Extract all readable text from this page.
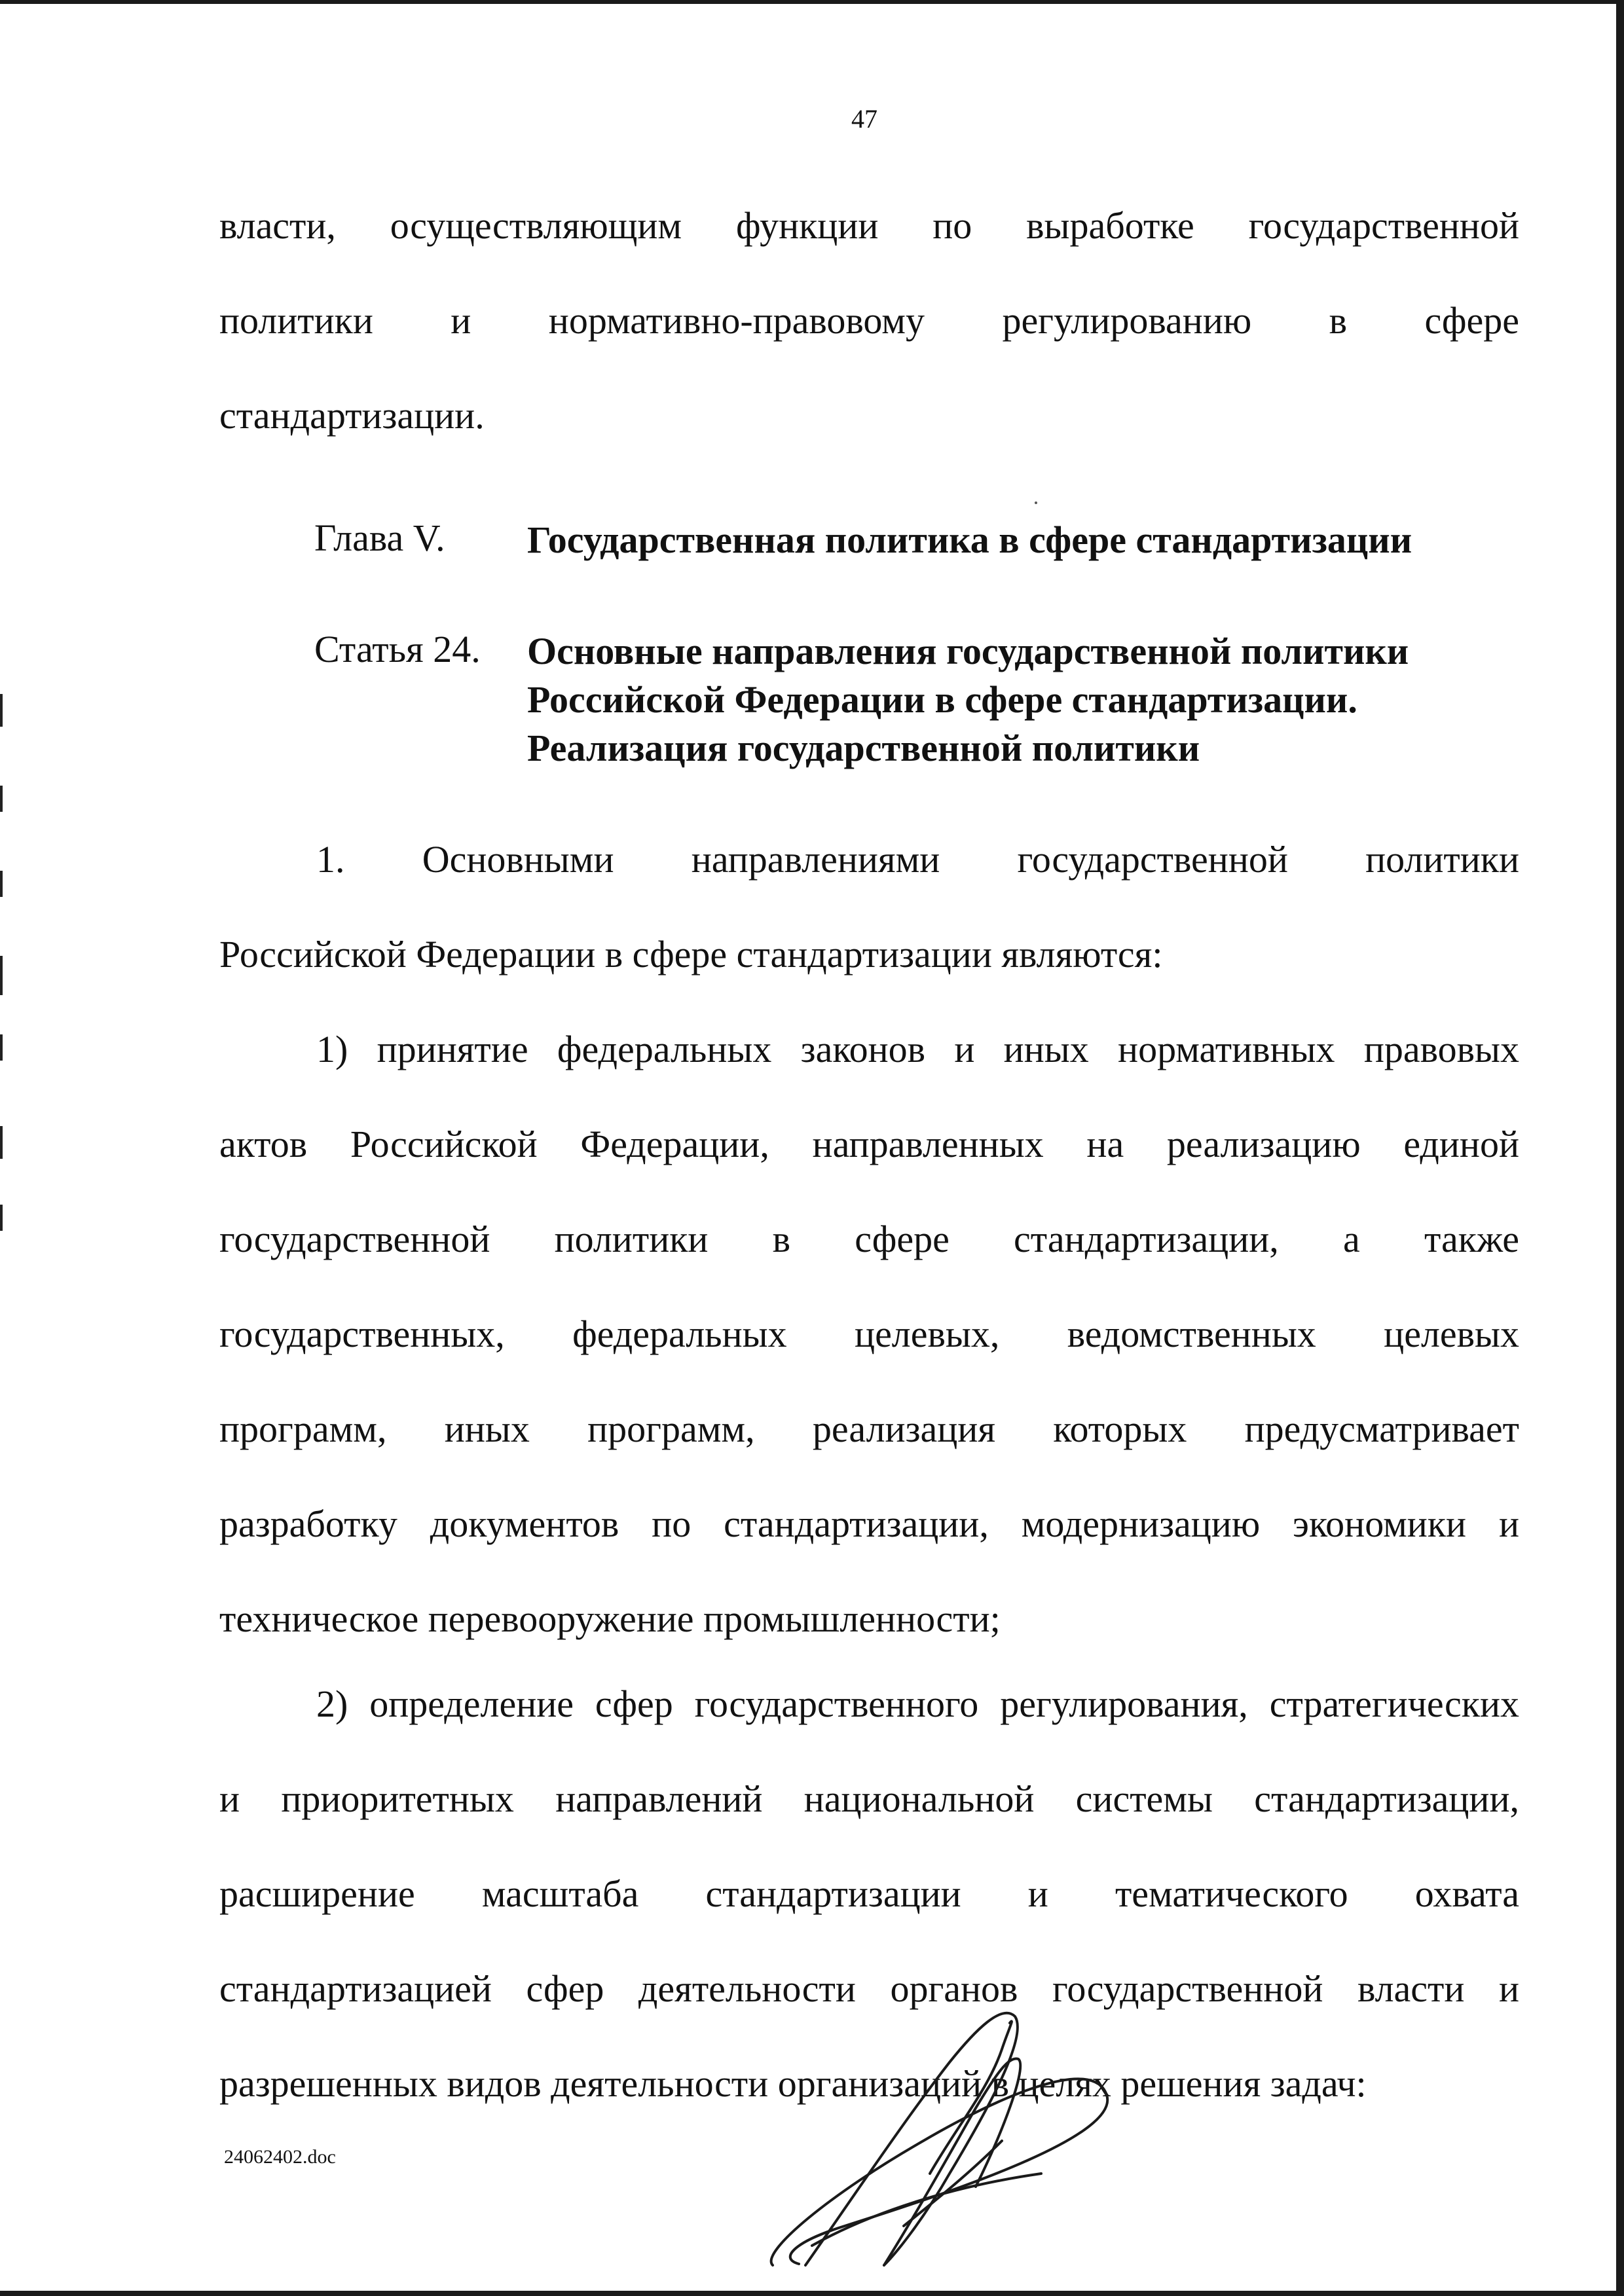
47
власти, осуществляющим функции по выработке государственной
политики и нормативно-правовому регулированию в сфере
стандартизации.
Глава V. Государственная политика в сфере стандартизации
Статья 24. Основные направления государственной политики
Российской Федерации в сфере стандартизации.
Реализация государственной политики
1. Основными направлениями государственной политики
Российской Федерации в сфере стандартизации являются:
1) принятие федеральных законов и иных нормативных правовых
актов Российской Федерации, направленных на реализацию единой
государственной политики в сфере стандартизации, а также
государственных, федеральных целевых, ведомственных целевых
программ, иных программ, реализация которых предусматривает
разработку документов по стандартизации, модернизацию экономики и
техническое перевооружение промышленности;
2) определение сфер государственного регулирования, стратегических
и приоритетных направлений национальной системы стандартизации,
расширение масштаба стандартизации и тематического охвата
стандартизацией сфер деятельности органов государственной власти и
разрешенных видов деятельности организаций в целях решения задач:
24062402.doc
